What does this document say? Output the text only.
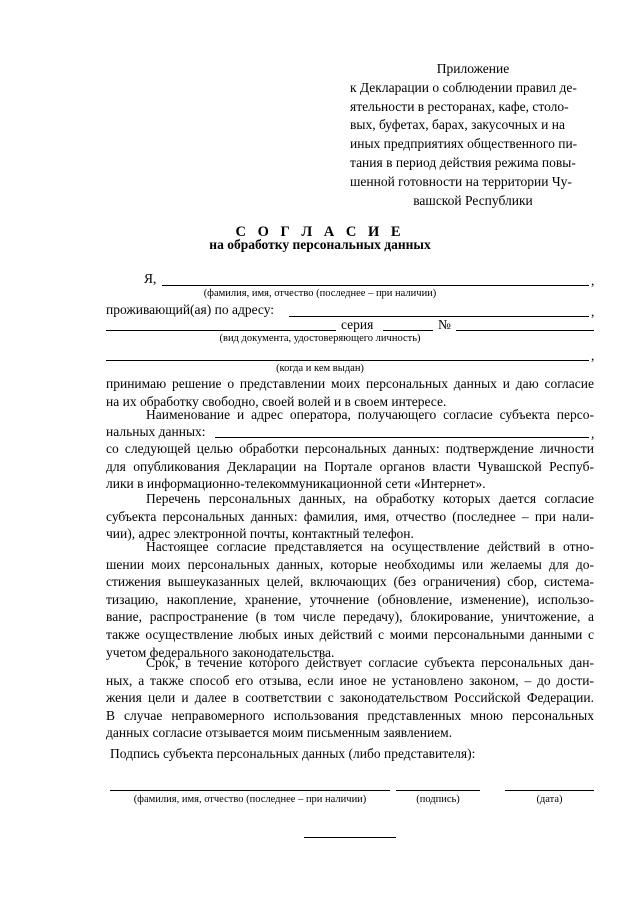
Приложение
к Декларации о соблюдении правил де-
ятельности в ресторанах, кафе, столо-
вых, буфетах, барах, закусочных и на
иных предприятиях общественного пи-
тания в период действия режима повы-
шенной готовности на территории Чу-
вашской Республики
С О Г Л А С И Е
на обработку персональных данных
Я,	,
(фамилия, имя, отчество (последнее – при наличии)
проживающий(ая) по адресу:	,
серия	№
(вид документа, удостоверяющего личность)
,
(когда и кем выдан)
принимаю решение о представлении моих персональных данных и даю согласие
на их обработку свободно, своей волей и в своем интересе.
Наименование и адрес оператора, получающего согласие субъекта персо-
нальных данных:	,
со следующей целью обработки персональных данных: подтверждение личности
для опубликования Декларации на Портале органов власти Чувашской Респуб-
лики в информационно-телекоммуникационной сети «Интернет».
Перечень персональных данных, на обработку которых дается согласие
субъекта персональных данных: фамилия, имя, отчество (последнее – при нали-
чии), адрес электронной почты, контактный телефон.
Настоящее согласие представляется на осуществление действий в отно-
шении моих персональных данных, которые необходимы или желаемы для до-
стижения вышеуказанных целей, включающих (без ограничения) сбор, система-
тизацию, накопление, хранение, уточнение (обновление, изменение), использо-
вание, распространение (в том числе передачу), блокирование, уничтожение, а
также осуществление любых иных действий с моими персональными данными с
учетом федерального законодательства.
Срок, в течение которого действует согласие субъекта персональных дан-
ных, а также способ его отзыва, если иное не установлено законом, – до дости-
жения цели и далее в соответствии с законодательством Российской Федерации.
В случае неправомерного использования представленных мною персональных
данных согласие отзывается моим письменным заявлением.
Подпись субъекта персональных данных (либо представителя):
(фамилия, имя, отчество (последнее – при наличии)	(подпись)	(дата)
